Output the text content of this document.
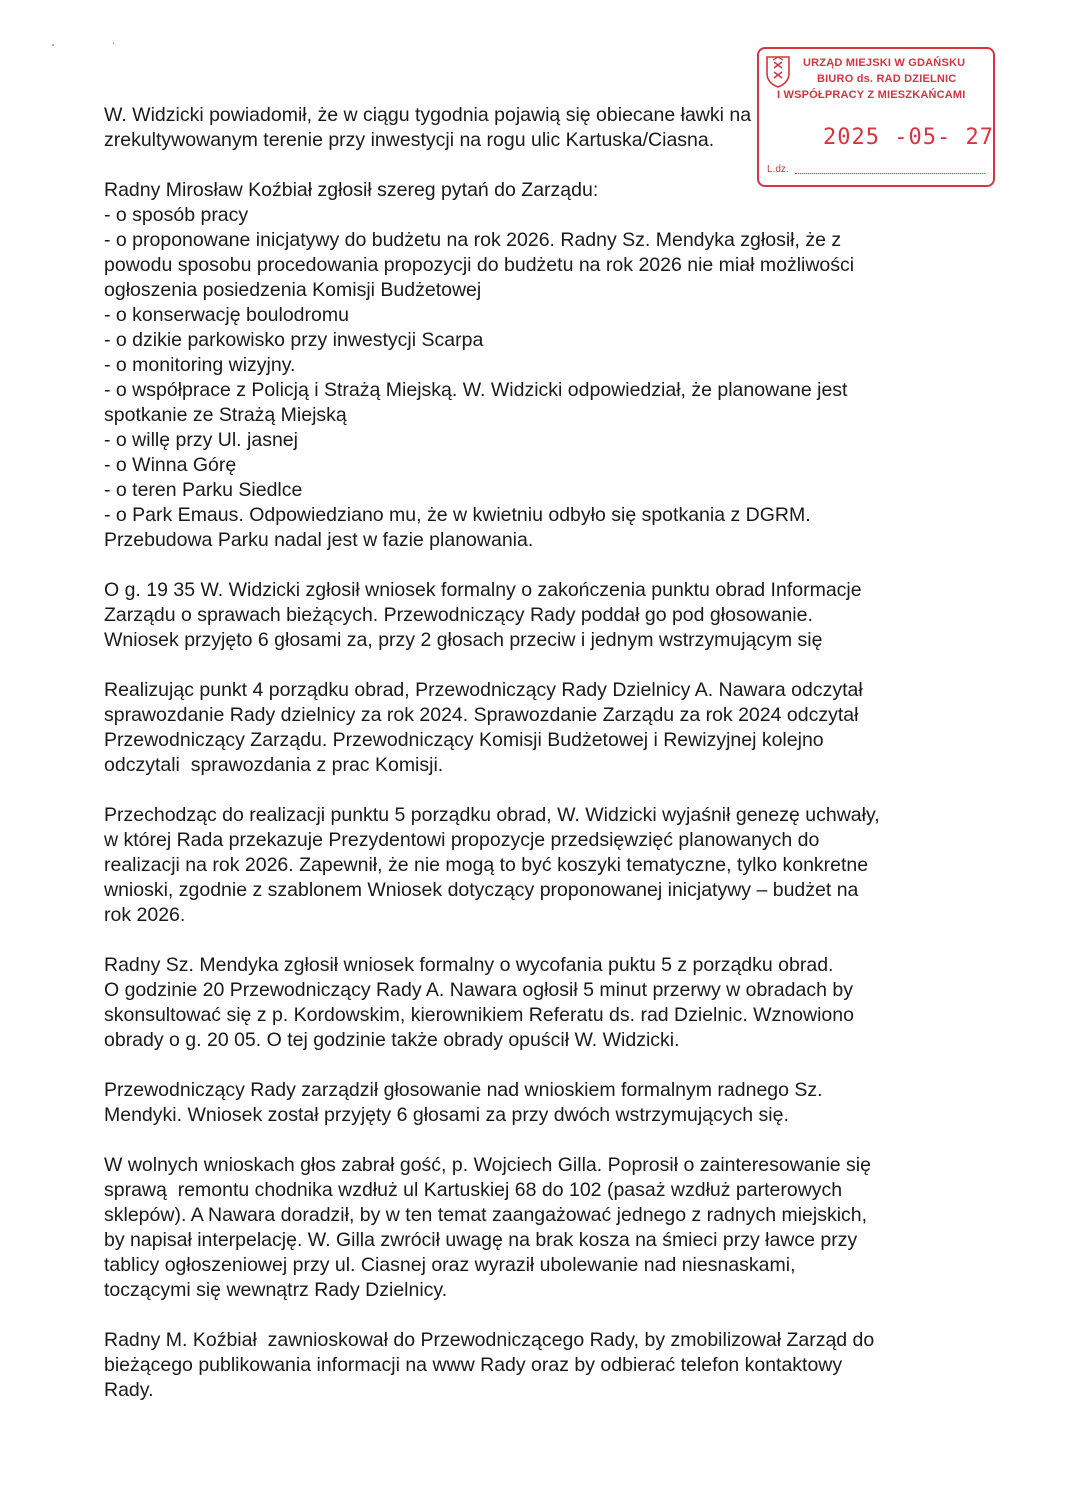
URZĄD MIEJSKI W GDAŃSKU
BIURO ds. RAD DZIELNIC
I WSPÓŁPRACY Z MIESZKAŃCAMI
2025 -05- 27
L.dz.
W. Widzicki powiadomił, że w ciągu tygodnia pojawią się obiecane ławki na
zrekultywowanym terenie przy inwestycji na rogu ulic Kartuska/Ciasna.
Radny Mirosław Koźbiał zgłosił szereg pytań do Zarządu:
- o sposób pracy
- o proponowane inicjatywy do budżetu na rok 2026. Radny Sz. Mendyka zgłosił, że z
powodu sposobu procedowania propozycji do budżetu na rok 2026 nie miał możliwości
ogłoszenia posiedzenia Komisji Budżetowej
- o konserwację boulodromu
- o dzikie parkowisko przy inwestycji Scarpa
- o monitoring wizyjny.
- o współprace z Policją i Strażą Miejską. W. Widzicki odpowiedział, że planowane jest
spotkanie ze Strażą Miejską
- o willę przy Ul. jasnej
- o Winna Górę
- o teren Parku Siedlce
- o Park Emaus. Odpowiedziano mu, że w kwietniu odbyło się spotkania z DGRM.
Przebudowa Parku nadal jest w fazie planowania.
O g. 19 35 W. Widzicki zgłosił wniosek formalny o zakończenia punktu obrad Informacje
Zarządu o sprawach bieżących. Przewodniczący Rady poddał go pod głosowanie.
Wniosek przyjęto 6 głosami za, przy 2 głosach przeciw i jednym wstrzymującym się
Realizując punkt 4 porządku obrad, Przewodniczący Rady Dzielnicy A. Nawara odczytał
sprawozdanie Rady dzielnicy za rok 2024. Sprawozdanie Zarządu za rok 2024 odczytał
Przewodniczący Zarządu. Przewodniczący Komisji Budżetowej i Rewizyjnej kolejno
odczytali  sprawozdania z prac Komisji.
Przechodząc do realizacji punktu 5 porządku obrad, W. Widzicki wyjaśnił genezę uchwały,
w której Rada przekazuje Prezydentowi propozycje przedsięwzięć planowanych do
realizacji na rok 2026. Zapewnił, że nie mogą to być koszyki tematyczne, tylko konkretne
wnioski, zgodnie z szablonem Wniosek dotyczący proponowanej inicjatywy – budżet na
rok 2026.
Radny Sz. Mendyka zgłosił wniosek formalny o wycofania puktu 5 z porządku obrad.
O godzinie 20 Przewodniczący Rady A. Nawara ogłosił 5 minut przerwy w obradach by
skonsultować się z p. Kordowskim, kierownikiem Referatu ds. rad Dzielnic. Wznowiono
obrady o g. 20 05. O tej godzinie także obrady opuścił W. Widzicki.
Przewodniczący Rady zarządził głosowanie nad wnioskiem formalnym radnego Sz.
Mendyki. Wniosek został przyjęty 6 głosami za przy dwóch wstrzymujących się.
W wolnych wnioskach głos zabrał gość, p. Wojciech Gilla. Poprosił o zainteresowanie się
sprawą  remontu chodnika wzdłuż ul Kartuskiej 68 do 102 (pasaż wzdłuż parterowych
sklepów). A Nawara doradził, by w ten temat zaangażować jednego z radnych miejskich,
by napisał interpelację. W. Gilla zwrócił uwagę na brak kosza na śmieci przy ławce przy
tablicy ogłoszeniowej przy ul. Ciasnej oraz wyraził ubolewanie nad niesnaskami,
toczącymi się wewnątrz Rady Dzielnicy.
Radny M. Koźbiał  zawnioskował do Przewodniczącego Rady, by zmobilizował Zarząd do
bieżącego publikowania informacji na www Rady oraz by odbierać telefon kontaktowy
Rady.
